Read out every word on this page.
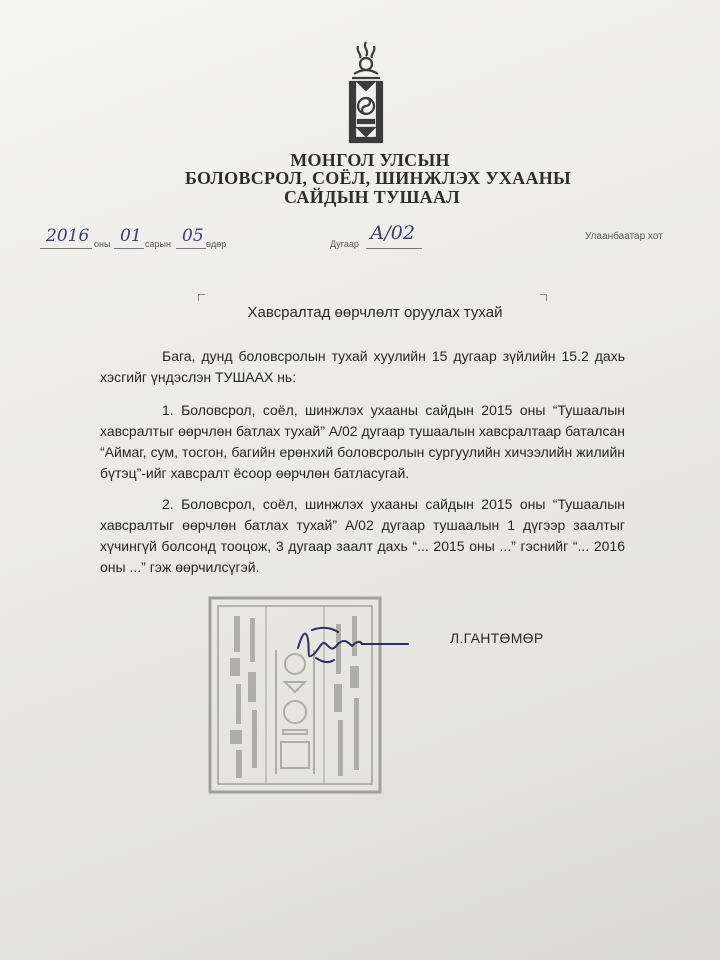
МОНГОЛ УЛСЫН
БОЛОВСРОЛ, СОЁЛ, ШИНЖЛЭХ УХААНЫ
САЙДЫН ТУШААЛ
2016 оны 01 сарын 05 өдөр	Дугаар А/02	Улаанбаатар хот
Хавсралтад өөрчлөлт оруулах тухай
Бага, дунд боловсролын тухай хуулийн 15 дугаар зүйлийн 15.2 дахь хэсгийг үндэслэн ТУШААХ нь:
1. Боловсрол, соёл, шинжлэх ухааны сайдын 2015 оны “Тушаалын хавсралтыг өөрчлөн батлах тухай” А/02 дугаар тушаалын хавсралтаар баталсан “Аймаг, сум, тосгон, багийн ерөнхий боловсролын сургуулийн хичээлийн жилийн бүтэц”-ийг хавсралт ёсоор өөрчлөн батласугай.
2. Боловсрол, соёл, шинжлэх ухааны сайдын 2015 оны “Тушаалын хавсралтыг өөрчлөн батлах тухай” А/02 дугаар тушаалын 1 дүгээр заалтыг хүчингүй болсонд тооцож, 3 дугаар заалт дахь “... 2015 оны ...” гэснийг “... 2016 оны ...” гэж өөрчилсүгэй.
Л.ГАНТӨМӨР
